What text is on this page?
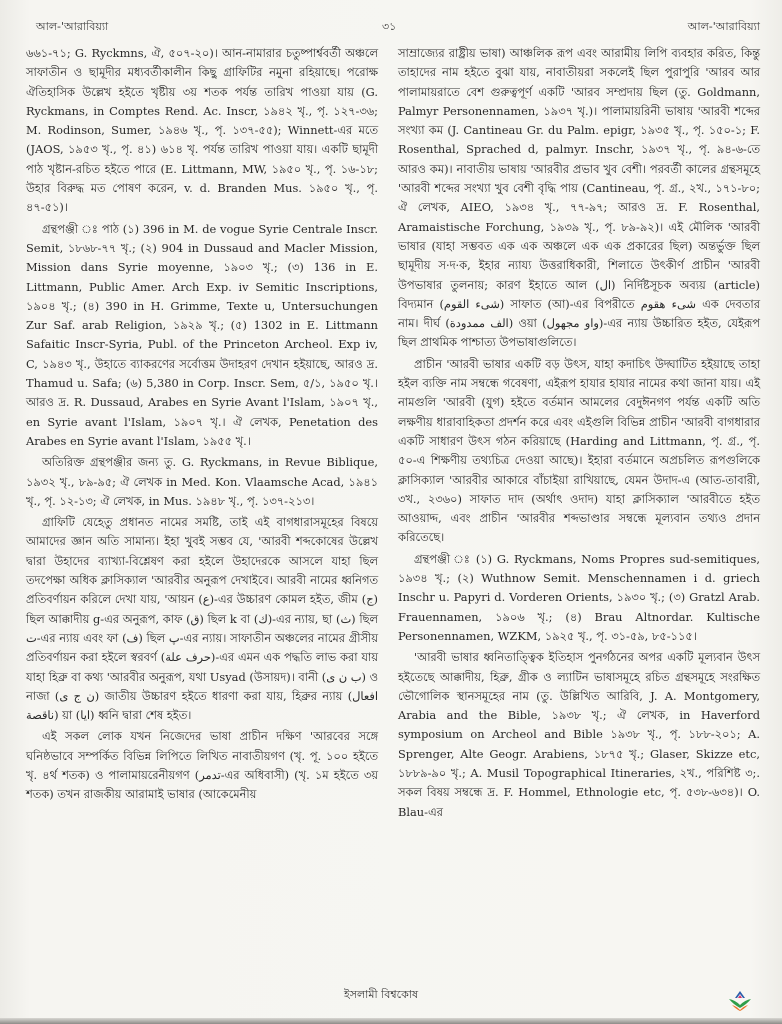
আল-'আরাবিয়্যা	৩১	আল-'আরাবিয়্যা

৬৬১-৭১; G. Ryckmns, ঐ, ৫০৭-২০)। আন-নামারার চতুষ্পার্শ্ববর্তী অঞ্চলে সাফাতীন ও ছামূদীর মধ্যবর্তীকালীন কিছু গ্রাফিটির নমুনা রহিয়াছে। পরোক্ষ ঐতিহাসিক উল্লেখ হইতে খৃষ্টীয় ৩য় শতক পর্যন্ত তারিখ পাওয়া যায় (G. Ryckmans, in Comptes Rend. Ac. Inscr, ১৯৪২ খৃ., পৃ. ১২৭-৩৬; M. Rodinson, Sumer, ১৯৪৬ খৃ., পৃ. ১৩৭-৫৫); Winnett-এর মতে (JAOS, ১৯৫৩ খৃ., পৃ. ৪১) ৬১৪ খৃ. পর্যন্ত তারিখ পাওয়া যায়। একটি ছামূদী পাঠ খৃষ্টান-রচিত হইতে পারে (E. Littmann, MW, ১৯৫০ খৃ., পৃ. ১৬-১৮; উহার বিরুদ্ধ মত পোষণ করেন, v. d. Branden Mus. ১৯৫০ খৃ., পৃ. ৪৭-৫১)।

গ্রন্থপঞ্জী ঃ পাঠ (১) 396 in M. de vogue Syrie Centrale Inscr. Semit, ১৮৬৮-৭৭ খৃ.; (২) 904 in Dussaud and Macler Mission, Mission dans Syrie moyenne, ১৯০৩ খৃ.; (৩) 136 in E. Littmann, Public Amer. Arch Exp. iv Semitic Inscriptions, ১৯০৪ খৃ.; (৪) 390 in H. Grimme, Texte u, Untersuchungen Zur Saf. arab Religion, ১৯২৯ খৃ.; (৫) 1302 in E. Littmann Safaitic Inscr-Syria, Publ. of the Princeton Archeol. Exp iv, C, ১৯৪৩ খৃ., উহাতে ব্যাকরণের সর্বোত্তম উদাহরণ দেখান হইয়াছে, আরও দ্র. Thamud u. Safa; (৬) 5,380 in Corp. Inscr. Sem, ৫/১, ১৯৫০ খৃ.। আরও দ্র. R. Dussaud, Arabes en Syrie Avant l'Islam, ১৯০৭ খৃ., en Syrie avant l'Islam, ১৯০৭ খৃ.। ঐ লেখক, Penetation des Arabes en Syrie avant l'Islam, ১৯৫৫ খৃ.।

অতিরিক্ত গ্রন্থপঞ্জীর জন্য তু. G. Ryckmans, in Revue Biblique, ১৯৩২ খৃ., ৮৯-৯৫; ঐ লেখক in Med. Kon. Vlaamsche Acad, ১৯৪১ খৃ., পৃ. ১২-১৩; ঐ লেখক, in Mus. ১৯৪৮ খৃ., পৃ. ১৩৭-২১৩।

গ্রাফিটি যেহেতু প্রধানত নামের সমষ্টি, তাই এই বাগধারাসমূহের বিষয়ে আমাদের জ্ঞান অতি সামান্য। ইহা খুবই সম্ভব যে, 'আরবী শব্দকোষের উল্লেখ দ্বারা উহাদের ব্যাখ্যা-বিশ্লেষণ করা হইলে উহাদেরকে আসলে যাহা ছিল তদপেক্ষা অধিক ক্লাসিক্যাল 'আরবীর অনুরূপ দেখাইবে। আরবী নামের ধ্বনিগত প্রতিবর্ণায়ন করিলে দেখা যায়, 'আয়ন (ع)-এর উচ্চারণ কোমল হইত, জীম (ج) ছিল আক্কাদীয় g-এর অনুরূপ, কাফ (ق) ছিল k বা (ك)-এর ন্যায়, ছা (ث) ছিল ت-এর ন্যায় এবং ফা (ف) ছিল پ-এর ন্যায়। সাফাতীন অঞ্চলের নামের গ্রীসীয় প্রতিবর্ণায়ন করা হইলে স্বরবর্ণ (حرف علة)-এর এমন এক পদ্ধতি লাভ করা যায় যাহা হিব্রু বা কথ্য 'আরবীর অনুরূপ, যথা Usyad (উসায়দ)। বানী (ب ن ى) ও নাজা (ن ج ى) জাতীয় উচ্চারণ হইতে ধারণা করা যায়, হিব্রুর ন্যায় (افعال ناقصة) য়া (ايا) ধ্বনি দ্বারা শেষ হইত।

এই সকল লোক যখন নিজেদের ভাষা প্রাচীন দক্ষিণ 'আরবের সঙ্গে ঘনিষ্ঠভাবে সম্পর্কিত বিভিন্ন লিপিতে লিখিত নাবাতীয়গণ (খৃ. পূ. ১০০ হইতে খৃ. ৪র্থ শতক) ও পালামায়রেনীয়গণ (تدمر-এর অধিবাসী) (খৃ. ১ম হইতে ৩য় শতক) তখন রাজকীয় আরামাই ভাষার (আকেমেনীয়

সাম্রাজ্যের রাষ্ট্রীয় ভাষা) আঞ্চলিক রূপ এবং আরামীয় লিপি ব্যবহার করিত, কিন্তু তাহাদের নাম হইতে বুঝা যায়, নাবাতীয়রা সকলেই ছিল পুরাপুরি 'আরব আর পালামায়রাতে বেশ গুরুত্বপূর্ণ একটি 'আরব সম্প্রদায় ছিল (তু. Goldmann, Palmyr Personennamen, ১৯৩৭ খৃ.)। পালামায়রিনী ভাষায় 'আরবী শব্দের সংখ্যা কম (J. Cantineau Gr. du Palm. epigr, ১৯৩৫ খৃ., পৃ. ১৫০-১; F. Rosenthal, Sprached d, palmyr. Inschr, ১৯৩৭ খৃ., পৃ. ৯৪-৬-তে আরও কম)। নাবাতীয় ভাষায় 'আরবীর প্রভাব খুব বেশী। পরবর্তী কালের গ্রন্থসমূহে 'আরবী শব্দের সংখ্যা খুব বেশী বৃদ্ধি পায় (Cantineau, পৃ. গ্র., ২খ., ১৭১-৮০; ঐ লেখক, AIEO, ১৯৩৪ খৃ., ৭৭-৯৭; আরও দ্র. F. Rosenthal, Aramaistische Forchung, ১৯৩৯ খৃ., পৃ. ৮৯-৯২)। এই মৌলিক 'আরবী ভাষার (যাহা সম্ভবত এক এক অঞ্চলে এক এক প্রকারের ছিল) অন্তর্ভুক্ত ছিল ছামূদীয় স·দ·ক, ইহার ন্যায্য উত্তরাধিকারী, শিলাতে উৎকীর্ণ প্রাচীন 'আরবী উপভাষার তুলনায়; কারণ ইহাতে আল (ال) নির্দিষ্টসূচক অব্যয় (article) বিদ্যমান (شىء القوم) সাফাত (আ)-এর বিপরীতে شىء هقوم এক দেবতার নাম। দীর্ঘ (الف ممدودة) ওয়া (واو مجهول)-এর ন্যায় উচ্চারিত হইত, যেইরূপ ছিল প্রাথমিক পাশ্চাত্য উপভাষাগুলিতে।

প্রাচীন 'আরবী ভাষার একটি বড় উৎস, যাহা কদাচিৎ উদ্ঘাটিত হইয়াছে তাহা হইল ব্যক্তি নাম সম্বন্ধে গবেষণা, এইরূপ হাযার হাযার নামের কথা জানা যায়। এই নামগুলি 'আরবী (যুগ) হইতে বর্তমান আমলের বেদুঈনগণ পর্যন্ত একটি অতি লক্ষণীয় ধারাবাহিকতা প্রদর্শন করে এবং এইগুলি বিভিন্ন প্রাচীন 'আরবী বাগধারার একটি সাধারণ উৎস গঠন করিয়াছে (Harding and Littmann, পৃ. গ্র., পৃ. ৫০-এ শিক্ষণীয় তথ্যচিত্র দেওয়া আছে)। ইহারা বর্তমানে অপ্রচলিত রূপগুলিকে ক্লাসিক্যাল 'আরবীর আকারে বাঁচাইয়া রাখিয়াছে, যেমন উদাদ-এ (আত-তাবারী, ৩খ., ২৩৬০) সাফাত দাদ (অর্থাৎ ওদাদ) যাহা ক্লাসিক্যাল 'আরবীতে হইত আওয়াদ্দ, এবং প্রাচীন 'আরবীর শব্দভাণ্ডার সম্বন্ধে মূল্যবান তথ্যও প্রদান করিতেছে।

গ্রন্থপঞ্জী ঃ (১) G. Ryckmans, Noms Propres sud-semitiques, ১৯৩৪ খৃ.; (২) Wuthnow Semit. Menschennamen i d. griech Inschr u. Papyri d. Vorderen Orients, ১৯৩০ খৃ.; (৩) Gratzl Arab. Frauennamen, ১৯০৬ খৃ.; (৪) Brau Altnordar. Kultische Personennamen, WZKM, ১৯২৫ খৃ., পৃ. ৩১-৫৯, ৮৫-১১৫।

'আরবী ভাষার ধ্বনিতাত্ত্বিক ইতিহাস পুনর্গঠনের অপর একটি মূল্যবান উৎস হইতেছে আক্কাদীয়, হিব্রু, গ্রীক ও ল্যাটিন ভাষাসমূহে রচিত গ্রন্থসমূহে সংরক্ষিত ভৌগোলিক স্থানসমূহের নাম (তু. উল্লিখিত আরিবি, J. A. Montgomery, Arabia and the Bible, ১৯৩৮ খৃ.; ঐ লেখক, in Haverford symposium on Archeol and Bible ১৯৩৮ খৃ., পৃ. ১৮৮-২০১; A. Sprenger, Alte Geogr. Arabiens, ১৮৭৫ খৃ.; Glaser, Skizze etc, ১৮৮৯-৯০ খৃ.; A. Musil Topographical Itineraries, ২খ., পরিশিষ্ট ৩;. সকল বিষয় সম্বন্ধে দ্র. F. Hommel, Ethnologie etc, পৃ. ৫৩৮-৬৩৪)। O. Blau-এর

ইসলামী বিশ্বকোষ
